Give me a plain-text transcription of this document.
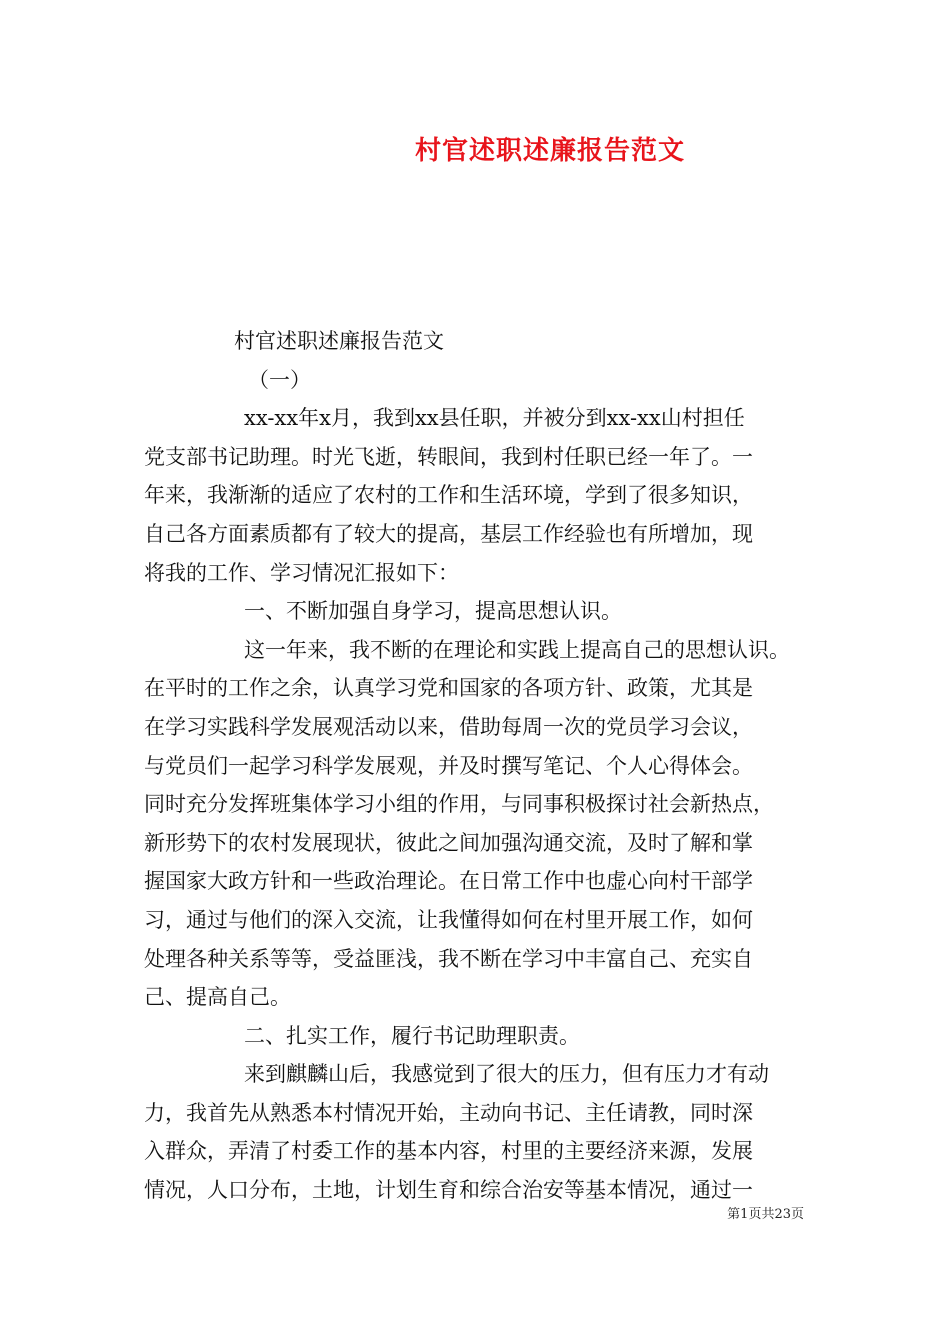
村官述职述廉报告范文
村官述职述廉报告范文
（一）
xx-xx年x月，我到xx县任职，并被分到xx-xx山村担任
党支部书记助理。时光飞逝，转眼间，我到村任职已经一年了。一
年来，我渐渐的适应了农村的工作和生活环境，学到了很多知识，
自己各方面素质都有了较大的提高，基层工作经验也有所增加，现
将我的工作、学习情况汇报如下：
一、不断加强自身学习，提高思想认识。
这一年来，我不断的在理论和实践上提高自己的思想认识。
在平时的工作之余，认真学习党和国家的各项方针、政策，尤其是
在学习实践科学发展观活动以来，借助每周一次的党员学习会议，
与党员们一起学习科学发展观，并及时撰写笔记、个人心得体会。
同时充分发挥班集体学习小组的作用，与同事积极探讨社会新热点，
新形势下的农村发展现状，彼此之间加强沟通交流，及时了解和掌
握国家大政方针和一些政治理论。在日常工作中也虚心向村干部学
习，通过与他们的深入交流，让我懂得如何在村里开展工作，如何
处理各种关系等等，受益匪浅，我不断在学习中丰富自己、充实自
己、提高自己。
二、扎实工作，履行书记助理职责。
来到麒麟山后，我感觉到了很大的压力，但有压力才有动
力，我首先从熟悉本村情况开始，主动向书记、主任请教，同时深
入群众，弄清了村委工作的基本内容，村里的主要经济来源，发展
情况，人口分布，土地，计划生育和综合治安等基本情况，通过一
第1页共23页
